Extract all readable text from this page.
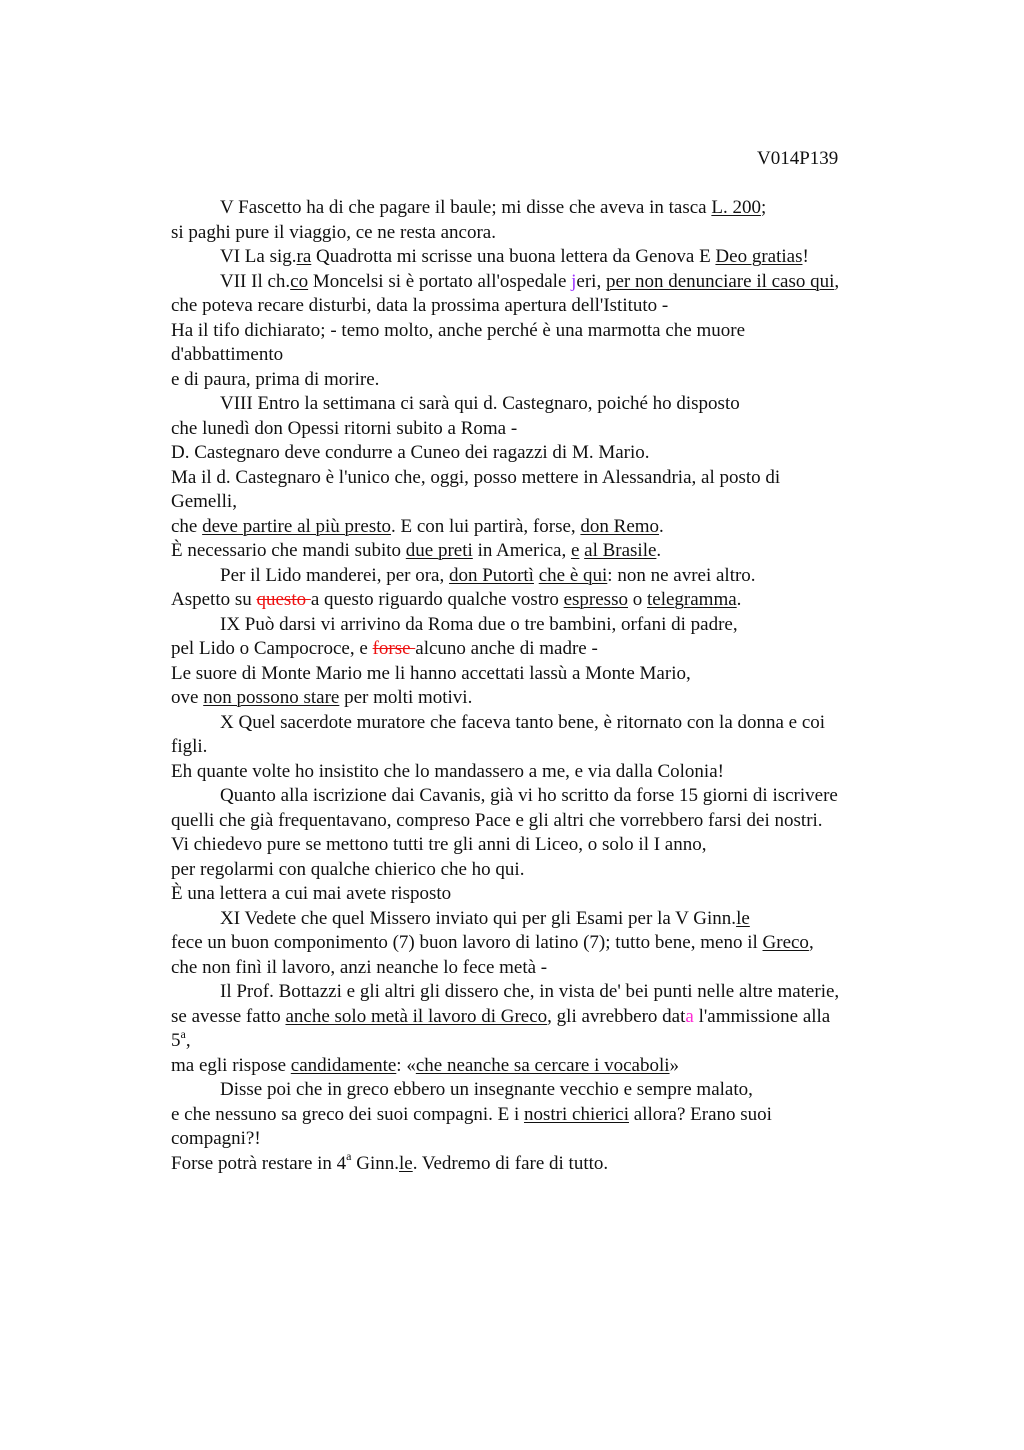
V014P139
V Fascetto ha di che pagare il baule; mi disse che aveva in tasca L. 200;
si paghi pure il viaggio, ce ne resta ancora.
VI La sig.ra Quadrotta mi scrisse una buona lettera da Genova E Deo gratias!
VII Il ch.co Moncelsi si è portato all'ospedale jeri, per non denunciare il caso qui,
che poteva recare disturbi, data la prossima apertura dell'Istituto -
Ha il tifo dichiarato; - temo molto, anche perché è una marmotta che muore
d'abbattimento
e di paura, prima di morire.
VIII Entro la settimana ci sarà qui d. Castegnaro, poiché ho disposto
che lunedì don Opessi ritorni subito a Roma -
D. Castegnaro deve condurre a Cuneo dei ragazzi di M. Mario.
Ma il d. Castegnaro è l'unico che, oggi, posso mettere in Alessandria, al posto di
Gemelli,
che deve partire al più presto. E con lui partirà, forse, don Remo.
È necessario che mandi subito due preti in America, e al Brasile.
Per il Lido manderei, per ora, don Putortì che è qui: non ne avrei altro.
Aspetto su questo a questo riguardo qualche vostro espresso o telegramma.
IX Può darsi vi arrivino da Roma due o tre bambini, orfani di padre,
pel Lido o Campocroce, e forse alcuno anche di madre -
Le suore di Monte Mario me li hanno accettati lassù a Monte Mario,
ove non possono stare per molti motivi.
X Quel sacerdote muratore che faceva tanto bene, è ritornato con la donna e coi
figli.
Eh quante volte ho insistito che lo mandassero a me, e via dalla Colonia!
Quanto alla iscrizione dai Cavanis, già vi ho scritto da forse 15 giorni di iscrivere
quelli che già frequentavano, compreso Pace e gli altri che vorrebbero farsi dei nostri.
Vi chiedevo pure se mettono tutti tre gli anni di Liceo, o solo il I anno,
per regolarmi con qualche chierico che ho qui.
È una lettera a cui mai avete risposto
XI Vedete che quel Missero inviato qui per gli Esami per la V Ginn.le
fece un buon componimento (7) buon lavoro di latino (7); tutto bene, meno il Greco,
che non finì il lavoro, anzi neanche lo fece metà -
Il Prof. Bottazzi e gli altri gli dissero che, in vista de' bei punti nelle altre materie,
se avesse fatto anche solo metà il lavoro di Greco, gli avrebbero data l'ammissione alla
5$^a$,
ma egli rispose candidamente: «che neanche sa cercare i vocaboli»
Disse poi che in greco ebbero un insegnante vecchio e sempre malato,
e che nessuno sa greco dei suoi compagni. E i nostri chierici allora? Erano suoi
compagni?!
Forse potrà restare in 4$^a$ Ginn.le. Vedremo di fare di tutto.
